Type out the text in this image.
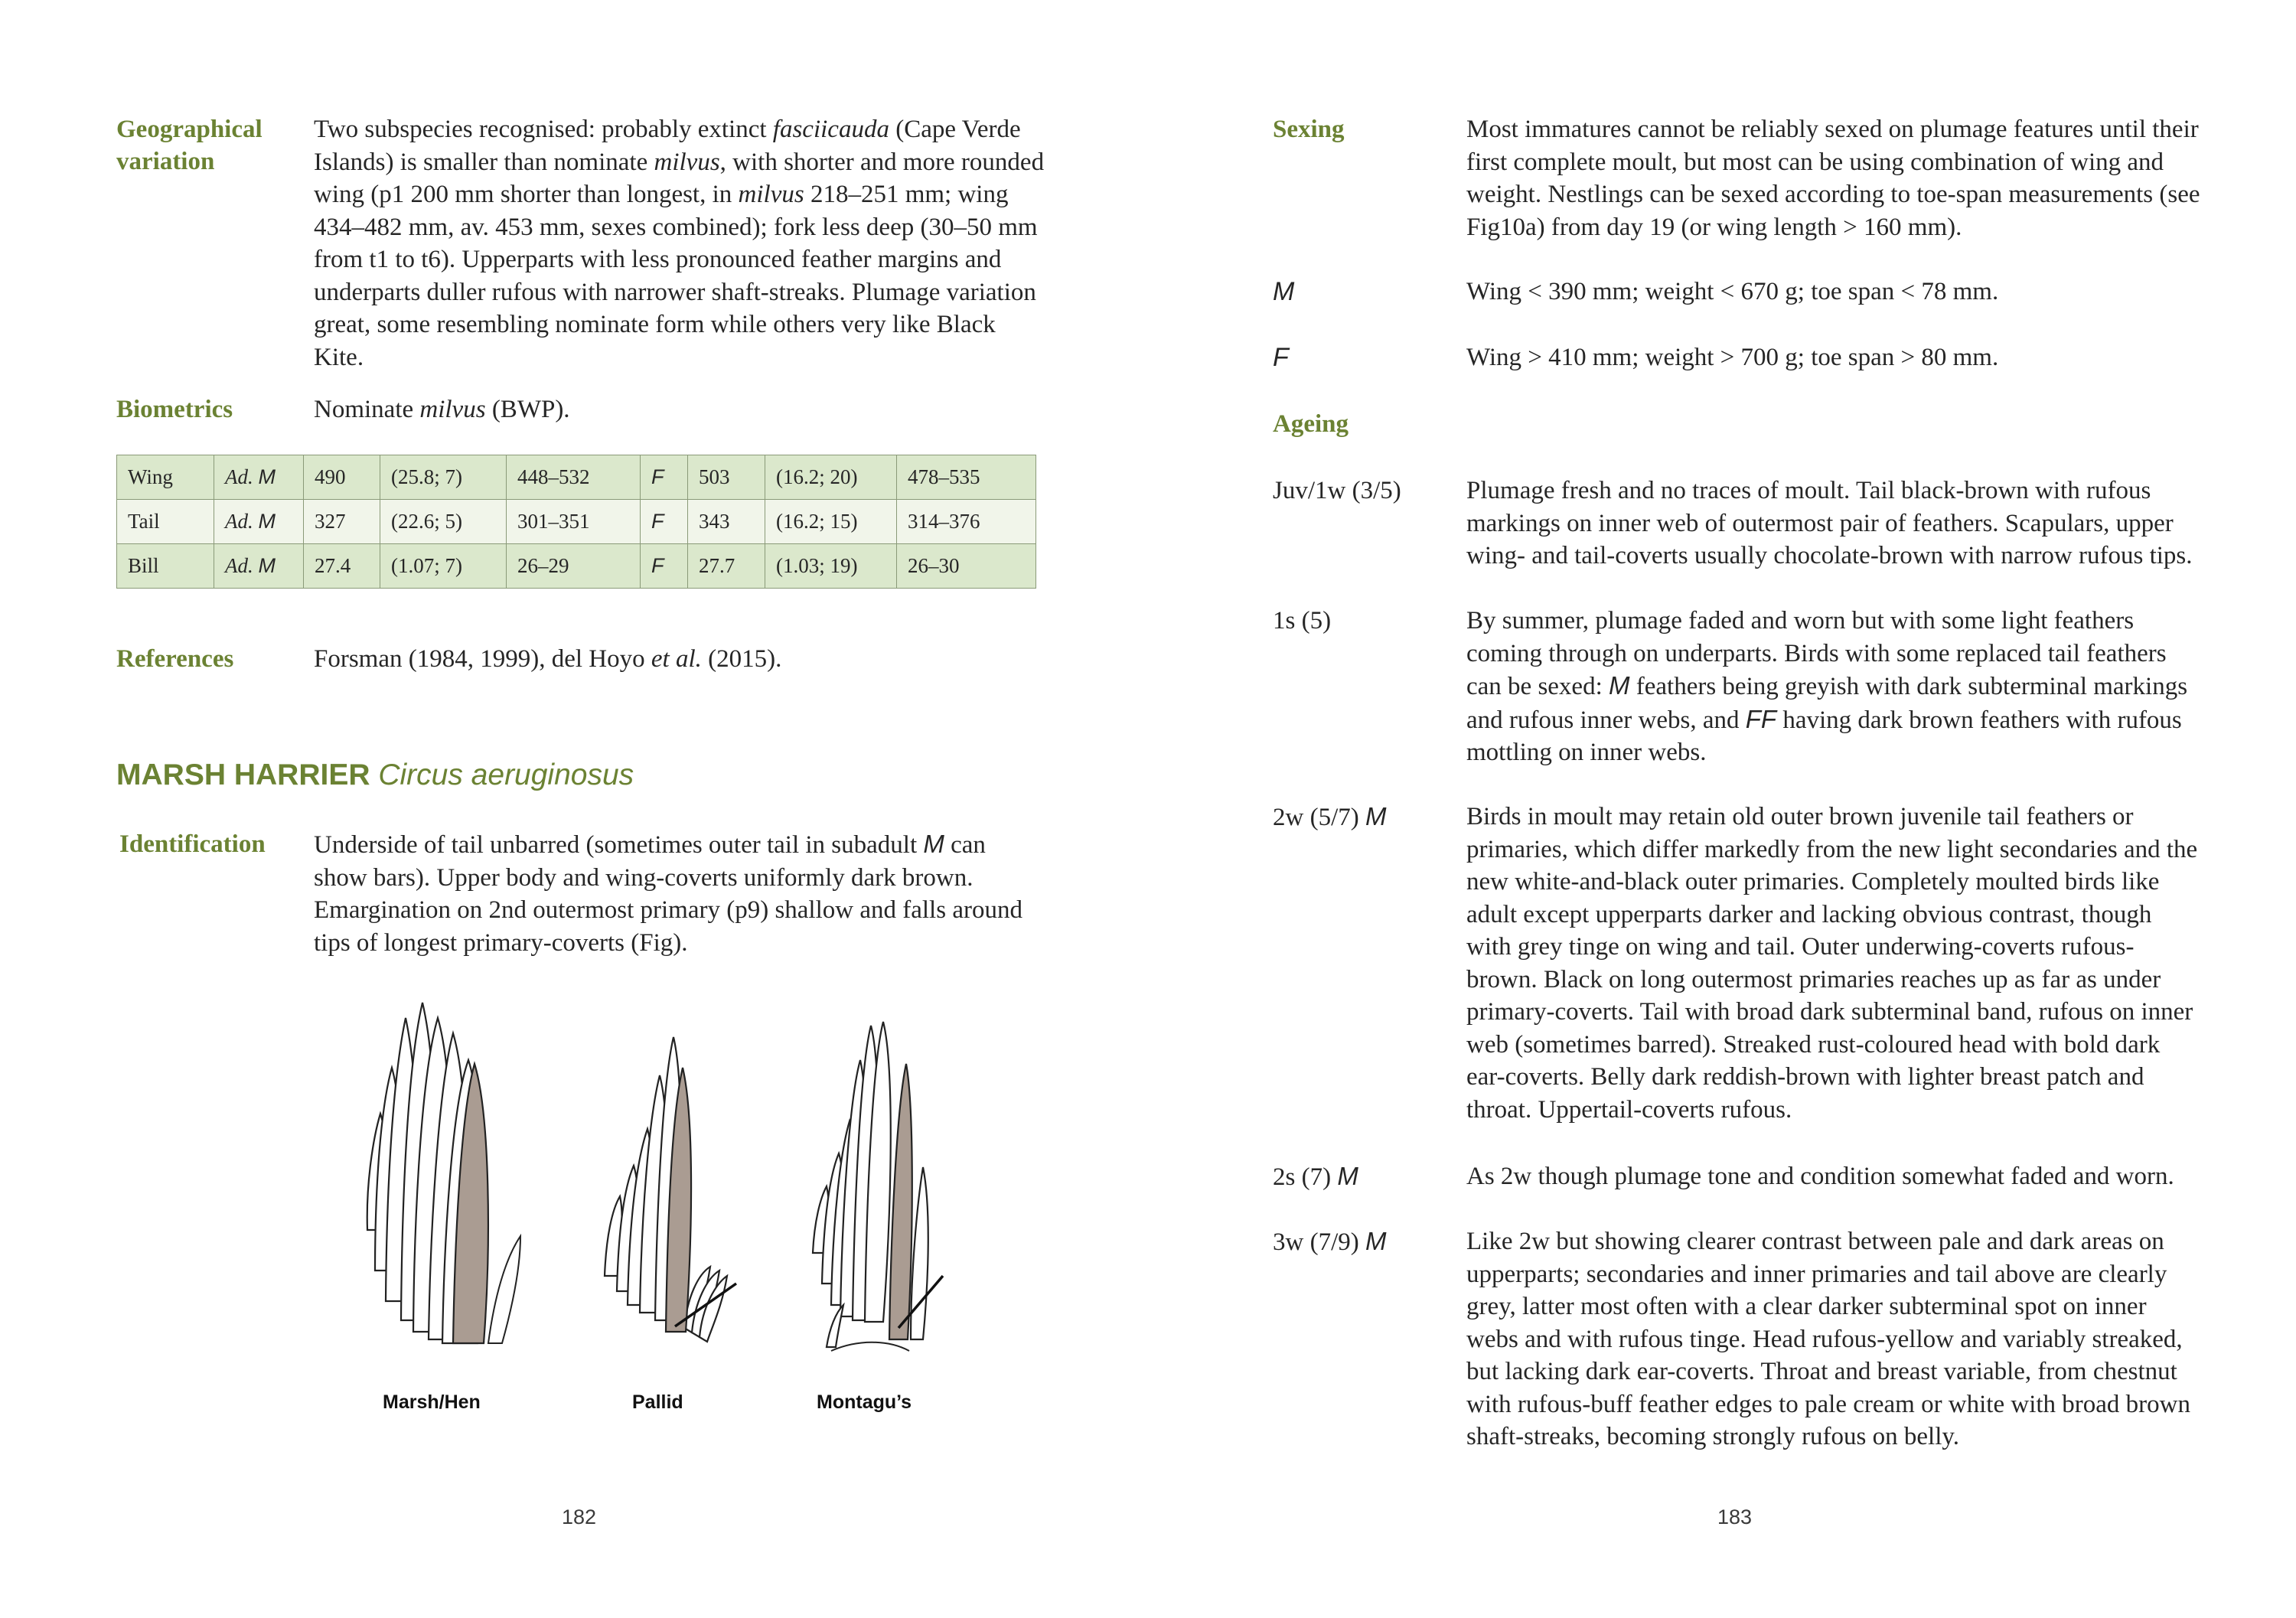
Geographical variation
Two subspecies recognised: probably extinct fasciicauda (Cape Verde Islands) is smaller than nominate milvus, with shorter and more rounded wing (p1 200 mm shorter than longest, in milvus 218–251 mm; wing 434–482 mm, av. 453 mm, sexes combined); fork less deep (30–50 mm from t1 to t6). Upperparts with less pronounced feather margins and underparts duller rufous with narrower shaft-streaks. Plumage variation great, some resembling nominate form while others very like Black Kite.
Biometrics	Nominate milvus (BWP).
Wing	Ad. M	490	(25.8; 7)	448–532	F	503	(16.2; 20)	478–535
Tail	Ad. M	327	(22.6; 5)	301–351	F	343	(16.2; 15)	314–376
Bill	Ad. M	27.4	(1.07; 7)	26–29	F	27.7	(1.03; 19)	26–30
References	Forsman (1984, 1999), del Hoyo et al. (2015).
MARSH HARRIER Circus aeruginosus
Identification Underside of tail unbarred (sometimes outer tail in subadult M can show bars). Upper body and wing-coverts uniformly dark brown. Emargination on 2nd outermost primary (p9) shallow and falls around tips of longest primary-coverts (Fig).
Marsh/Hen	Pallid	Montagu’s
182
Sexing	Most immatures cannot be reliably sexed on plumage features until their first complete moult, but most can be using combination of wing and weight. Nestlings can be sexed according to toe-span measurements (see Fig10a) from day 19 (or wing length > 160 mm).
M	Wing < 390 mm; weight < 670 g; toe span < 78 mm.
F	Wing > 410 mm; weight > 700 g; toe span > 80 mm.
Ageing
Juv/1w (3/5)	Plumage fresh and no traces of moult. Tail black-brown with rufous markings on inner web of outermost pair of feathers. Scapulars, upper wing- and tail-coverts usually chocolate-brown with narrow rufous tips.
1s (5)	By summer, plumage faded and worn but with some light feathers coming through on underparts. Birds with some replaced tail feathers can be sexed: M feathers being greyish with dark subterminal markings and rufous inner webs, and FF having dark brown feathers with rufous mottling on inner webs.
2w (5/7) M	Birds in moult may retain old outer brown juvenile tail feathers or primaries, which differ markedly from the new light secondaries and the new white-and-black outer primaries. Completely moulted birds like adult except upperparts darker and lacking obvious contrast, though with grey tinge on wing and tail. Outer underwing-coverts rufous-brown. Black on long outermost primaries reaches up as far as under primary-coverts. Tail with broad dark subterminal band, rufous on inner web (sometimes barred). Streaked rust-coloured head with bold dark ear-coverts. Belly dark reddish-brown with lighter breast patch and throat. Uppertail-coverts rufous.
2s (7) M	As 2w though plumage tone and condition somewhat faded and worn.
3w (7/9) M	Like 2w but showing clearer contrast between pale and dark areas on upperparts; secondaries and inner primaries and tail above are clearly grey, latter most often with a clear darker subterminal spot on inner webs and with rufous tinge. Head rufous-yellow and variably streaked, but lacking dark ear-coverts. Throat and breast variable, from chestnut with rufous-buff feather edges to pale cream or white with broad brown shaft-streaks, becoming strongly rufous on belly.
183
